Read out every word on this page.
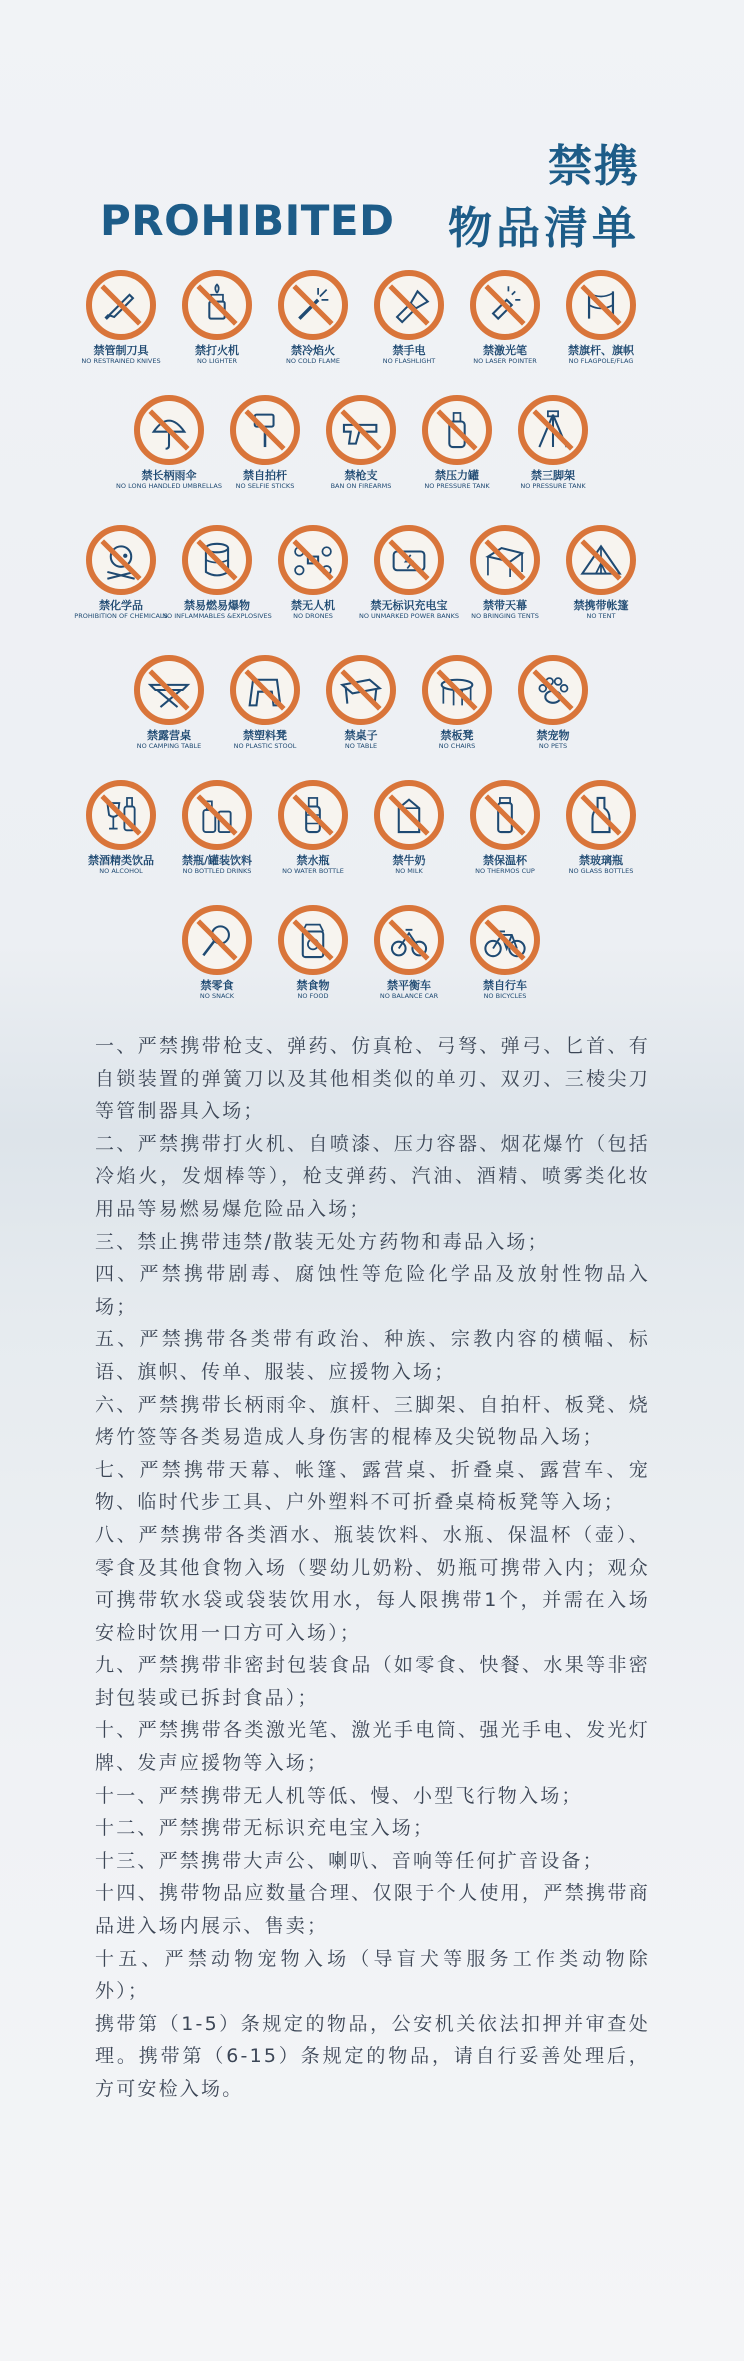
PROHIBITED
禁携
物品清单
禁管制刀具
NO RESTRAINED KNIVES
禁打火机
NO LIGHTER
禁冷焰火
NO COLD FLAME
禁手电
NO FLASHLIGHT
禁激光笔
NO LASER POINTER
禁旗杆、旗帜
NO FLAGPOLE/FLAG
禁长柄雨伞
NO LONG HANDLED UMBRELLAS
禁自拍杆
NO SELFIE STICKS
禁枪支
BAN ON FIREARMS
禁压力罐
NO PRESSURE TANK
禁三脚架
NO PRESSURE TANK
禁化学品
PROHIBITION OF CHEMICALS
禁易燃易爆物
NO INFLAMMABLES &EXPLOSIVES
禁无人机
NO DRONES
禁无标识充电宝
NO UNMARKED POWER BANKS
禁带天幕
NO BRINGING TENTS
禁携带帐篷
NO TENT
禁露营桌
NO CAMPING TABLE
禁塑料凳
NO PLASTIC STOOL
禁桌子
NO TABLE
禁板凳
NO CHAIRS
禁宠物
NO PETS
禁酒精类饮品
NO ALCOHOL
禁瓶/罐装饮料
NO BOTTLED DRINKS
禁水瓶
NO WATER BOTTLE
禁牛奶
NO MILK
禁保温杯
NO THERMOS CUP
禁玻璃瓶
NO GLASS BOTTLES
禁零食
NO SNACK
禁食物
NO FOOD
禁平衡车
NO BALANCE CAR
禁自行车
NO BICYCLES

一、严禁携带枪支、弹药、仿真枪、弓弩、弹弓、匕首、有自锁装置的弹簧刀以及其他相类似的单刃、双刃、三棱尖刀等管制器具入场；

二、严禁携带打火机、自喷漆、压力容器、烟花爆竹（包括冷焰火，发烟棒等），枪支弹药、汽油、酒精、喷雾类化妆用品等易燃易爆危险品入场；

三、禁止携带违禁/散装无处方药物和毒品入场；

四、严禁携带剧毒、腐蚀性等危险化学品及放射性物品入场；

五、严禁携带各类带有政治、种族、宗教内容的横幅、标语、旗帜、传单、服装、应援物入场；

六、严禁携带长柄雨伞、旗杆、三脚架、自拍杆、板凳、烧烤竹签等各类易造成人身伤害的棍棒及尖锐物品入场；

七、严禁携带天幕、帐篷、露营桌、折叠桌、露营车、宠物、临时代步工具、户外塑料不可折叠桌椅板凳等入场；

八、严禁携带各类酒水、瓶装饮料、水瓶、保温杯（壶）、零食及其他食物入场（婴幼儿奶粉、奶瓶可携带入内；观众可携带软水袋或袋装饮用水，每人限携带1个，并需在入场安检时饮用一口方可入场）；

九、严禁携带非密封包装食品（如零食、快餐、水果等非密封包装或已拆封食品）；

十、严禁携带各类激光笔、激光手电筒、强光手电、发光灯牌、发声应援物等入场；

十一、严禁携带无人机等低、慢、小型飞行物入场；

十二、严禁携带无标识充电宝入场；

十三、严禁携带大声公、喇叭、音响等任何扩音设备；

十四、携带物品应数量合理、仅限于个人使用，严禁携带商品进入场内展示、售卖；

十五、严禁动物宠物入场（导盲犬等服务工作类动物除外）；

携带第（1-5）条规定的物品，公安机关依法扣押并审查处理。携带第（6-15）条规定的物品，请自行妥善处理后，方可安检入场。
